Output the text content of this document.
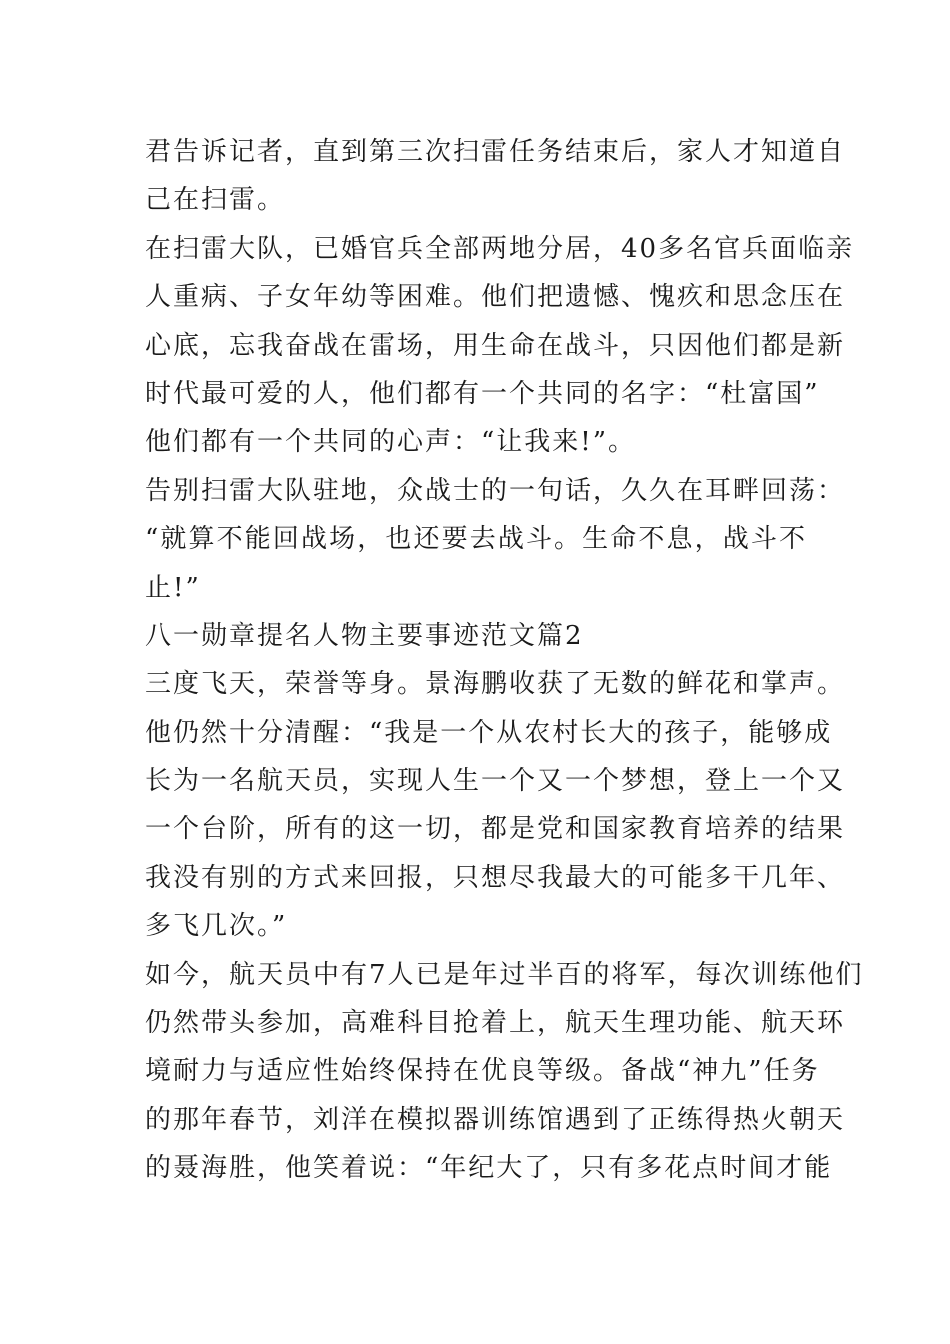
君告诉记者，直到第三次扫雷任务结束后，家人才知道自
己在扫雷。
在扫雷大队，已婚官兵全部两地分居，40多名官兵面临亲
人重病、子女年幼等困难。他们把遗憾、愧疚和思念压在
心底，忘我奋战在雷场，用生命在战斗，只因他们都是新
时代最可爱的人，他们都有一个共同的名字：“杜富国”
他们都有一个共同的心声：“让我来!”。
告别扫雷大队驻地，众战士的一句话，久久在耳畔回荡：
“就算不能回战场，也还要去战斗。生命不息，战斗不
止!”
八一勋章提名人物主要事迹范文篇2
三度飞天，荣誉等身。景海鹏收获了无数的鲜花和掌声。
他仍然十分清醒：“我是一个从农村长大的孩子，能够成
长为一名航天员，实现人生一个又一个梦想，登上一个又
一个台阶，所有的这一切，都是党和国家教育培养的结果
我没有别的方式来回报，只想尽我最大的可能多干几年、
多飞几次。”
如今，航天员中有7人已是年过半百的将军，每次训练他们
仍然带头参加，高难科目抢着上，航天生理功能、航天环
境耐力与适应性始终保持在优良等级。备战“神九”任务
的那年春节，刘洋在模拟器训练馆遇到了正练得热火朝天
的聂海胜，他笑着说：“年纪大了，只有多花点时间才能
